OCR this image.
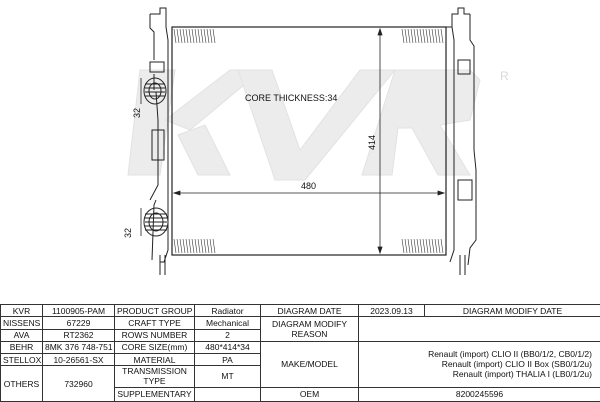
R
32
32
480
414
CORE THICKNESS:34
KVR	1100905-PAM	PRODUCT GROUP	Radiator	DIAGRAM DATE	2023.09.13	DIAGRAM MODIFY DATE
NISSENS	67229	CRAFT TYPE	Mechanical	DIAGRAM MODIFY REASON		
AVA	RT2362	ROWS NUMBER	2			
BEHR	8MK 376 748-751	CORE SIZE(mm)	480*414*34	MAKE/MODEL	Renault (import) CLIO II (BB0/1/2, CB0/1/2)
Renault (import) CLIO II Box (SB0/1/2u)
Renault (import) THALIA I (LB0/1/2u)	

STELLOX	10-26561-SX	MATERIAL	PA			
OTHERS	732960	TRANSMISSION TYPE	MT			
		SUPPLEMENTARY		OEM	8200245596	
